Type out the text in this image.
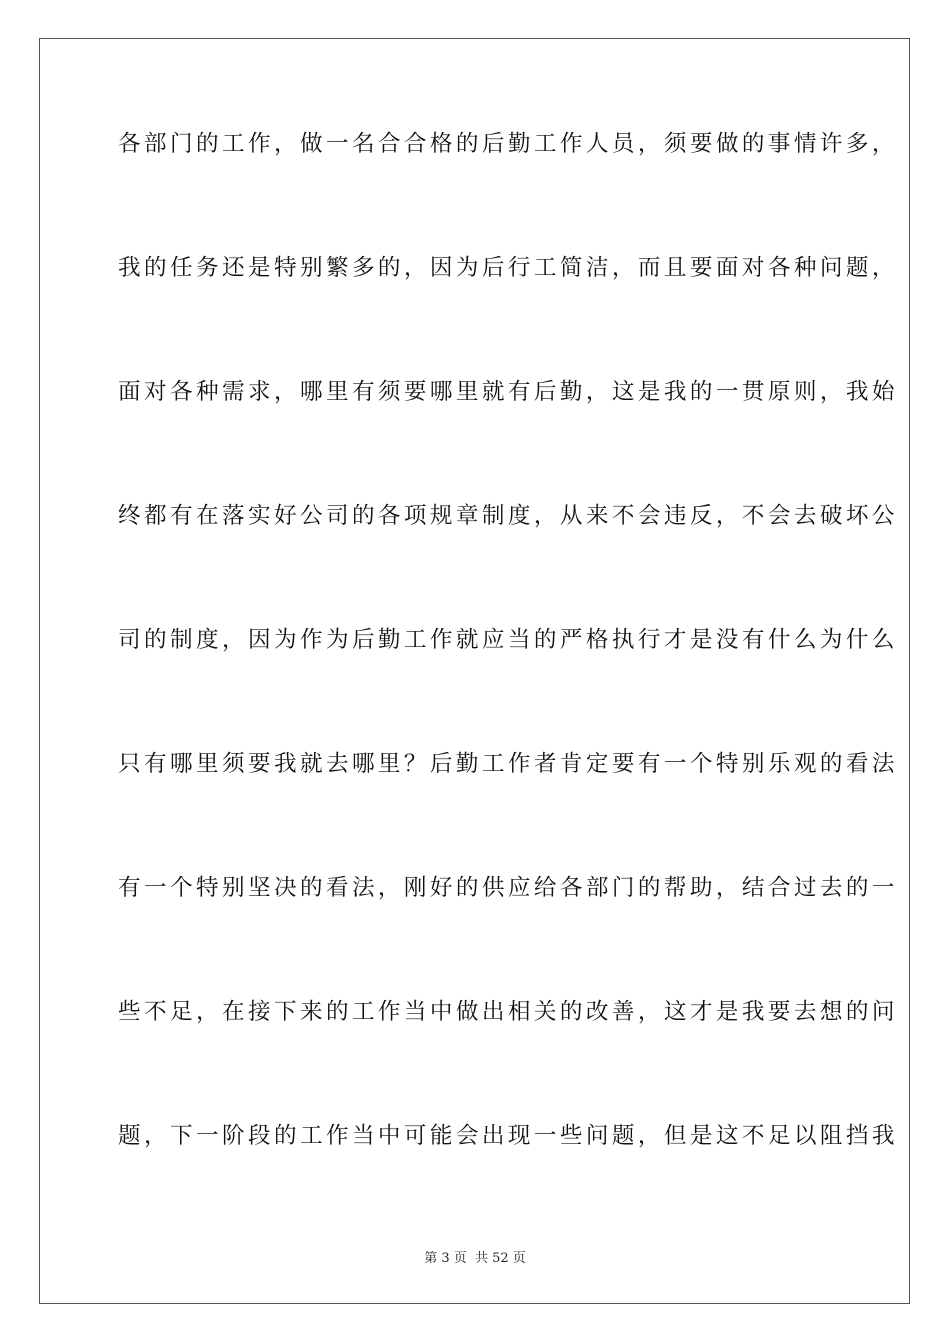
各部门的工作，做一名合合格的后勤工作人员，须要做的事情许多，
我的任务还是特别繁多的，因为后行工简洁，而且要面对各种问题，
面对各种需求，哪里有须要哪里就有后勤，这是我的一贯原则，我始
终都有在落实好公司的各项规章制度，从来不会违反，不会去破坏公
司的制度，因为作为后勤工作就应当的严格执行才是没有什么为什么
只有哪里须要我就去哪里？后勤工作者肯定要有一个特别乐观的看法
有一个特别坚决的看法，刚好的供应给各部门的帮助，结合过去的一
些不足，在接下来的工作当中做出相关的改善，这才是我要去想的问
题，下一阶段的工作当中可能会出现一些问题，但是这不足以阻挡我
第 3 页  共 52 页
